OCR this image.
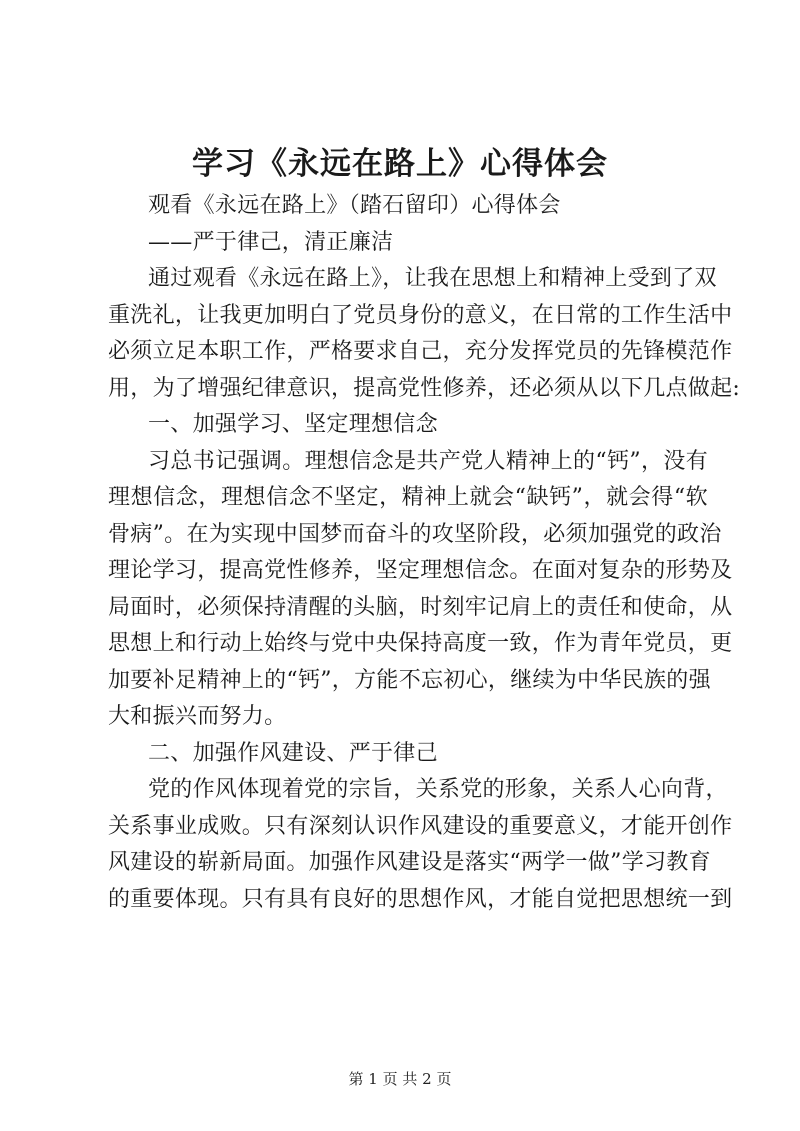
学习《永远在路上》心得体会
观看《永远在路上》（踏石留印）心得体会
——严于律己，清正廉洁
通过观看《永远在路上》，让我在思想上和精神上受到了双
重洗礼，让我更加明白了党员身份的意义，在日常的工作生活中
必须立足本职工作，严格要求自己，充分发挥党员的先锋模范作
用，为了增强纪律意识，提高党性修养，还必须从以下几点做起:
一、加强学习、坚定理想信念
习总书记强调。理想信念是共产党人精神上的“钙”，没有
理想信念，理想信念不坚定，精神上就会“缺钙”，就会得“软
骨病”。在为实现中国梦而奋斗的攻坚阶段，必须加强党的政治
理论学习，提高党性修养，坚定理想信念。在面对复杂的形势及
局面时，必须保持清醒的头脑，时刻牢记肩上的责任和使命，从
思想上和行动上始终与党中央保持高度一致，作为青年党员，更
加要补足精神上的“钙”，方能不忘初心，继续为中华民族的强
大和振兴而努力。
二、加强作风建设、严于律己
党的作风体现着党的宗旨，关系党的形象，关系人心向背，
关系事业成败。只有深刻认识作风建设的重要意义，才能开创作
风建设的崭新局面。加强作风建设是落实“两学一做”学习教育
的重要体现。只有具有良好的思想作风，才能自觉把思想统一到
第 1 页 共 2 页
